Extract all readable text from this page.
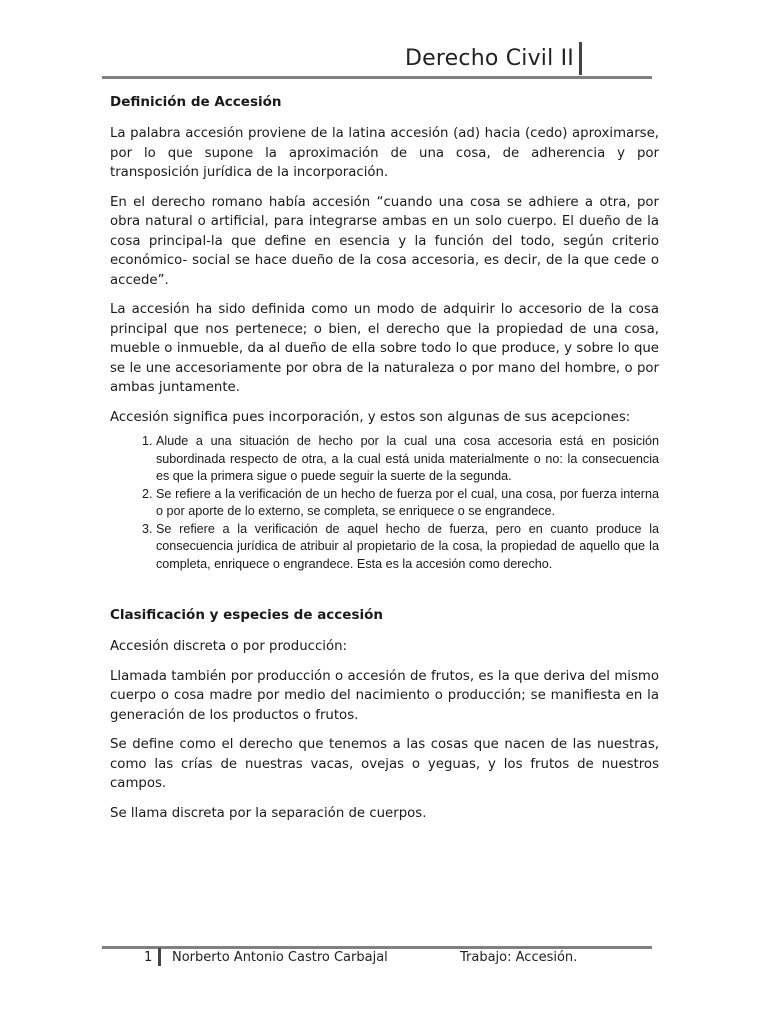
Derecho Civil II
Definición de Accesión

La palabra accesión proviene de la latina accesión (ad) hacia (cedo) aproximarse, por lo que supone la aproximación de una cosa, de adherencia y por transposición jurídica de la incorporación.

En el derecho romano había accesión “cuando una cosa se adhiere a otra, por obra natural o artificial, para integrarse ambas en un solo cuerpo. El dueño de la cosa principal-la que define en esencia y la función del todo, según criterio económico- social se hace dueño de la cosa accesoria, es decir, de la que cede o accede”.

La accesión ha sido definida como un modo de adquirir lo accesorio de la cosa principal que nos pertenece; o bien, el derecho que la propiedad de una cosa, mueble o inmueble, da al dueño de ella sobre todo lo que produce, y sobre lo que se le une accesoriamente por obra de la naturaleza o por mano del hombre, o por ambas juntamente.

Accesión significa pues incorporación, y estos son algunas de sus acepciones:

1. Alude a una situación de hecho por la cual una cosa accesoria está en posición subordinada respecto de otra, a la cual está unida materialmente o no: la consecuencia es que la primera sigue o puede seguir la suerte de la segunda.
2. Se refiere a la verificación de un hecho de fuerza por el cual, una cosa, por fuerza interna o por aporte de lo externo, se completa, se enriquece o se engrandece.
3. Se refiere a la verificación de aquel hecho de fuerza, pero en cuanto produce la consecuencia jurídica de atribuir al propietario de la cosa, la propiedad de aquello que la completa, enriquece o engrandece. Esta es la accesión como derecho.
Clasificación y especies de accesión

Accesión discreta o por producción:

Llamada también por producción o accesión de frutos, es la que deriva del mismo cuerpo o cosa madre por medio del nacimiento o producción; se manifiesta en la generación de los productos o frutos.

Se define como el derecho que tenemos a las cosas que nacen de las nuestras, como las crías de nuestras vacas, ovejas o yeguas, y los frutos de nuestros campos.

Se llama discreta por la separación de cuerpos.

1 Norberto Antonio Castro Carbajal	Trabajo: Accesión.
